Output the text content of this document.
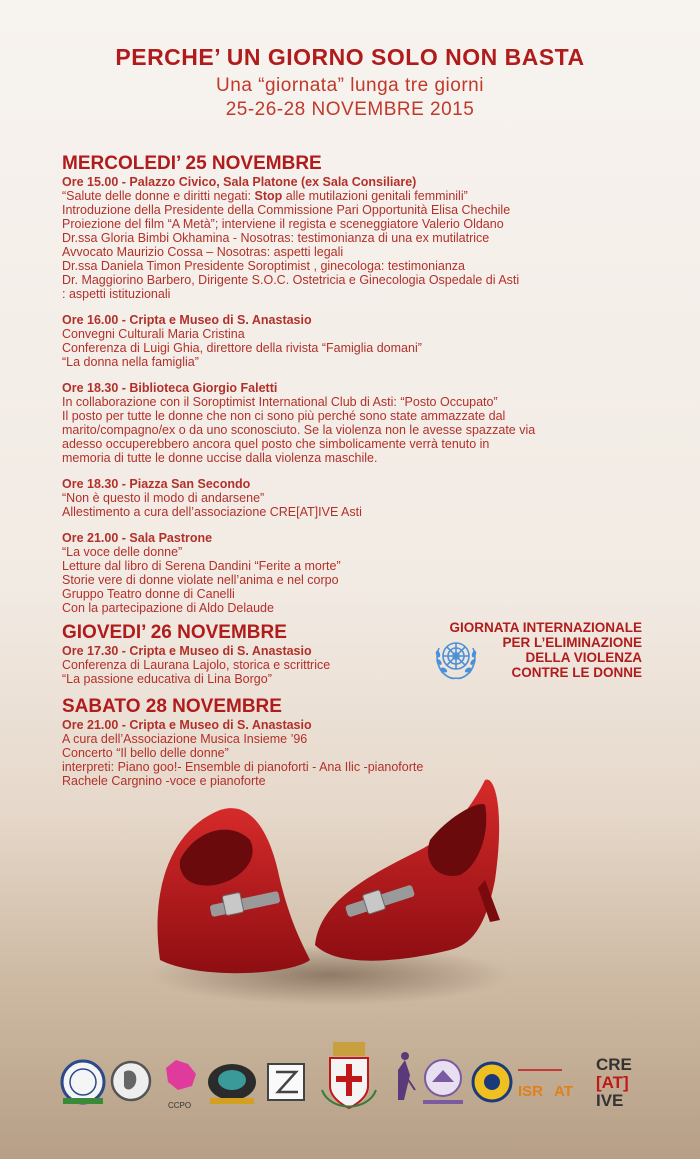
PERCHE’ UN GIORNO SOLO NON BASTA

Una “giornata” lunga tre giorni

25-26-28 NOVEMBRE 2015

MERCOLEDI’ 25 NOVEMBRE
Ore 15.00 - Palazzo Civico, Sala Platone (ex Sala Consiliare)
“Salute delle donne e diritti negati: Stop alle mutilazioni genitali femminili”
Introduzione della Presidente della Commissione Pari Opportunità Elisa Chechile
Proiezione del film “A Metà”; interviene il regista e sceneggiatore Valerio Oldano
Dr.ssa Gloria Bimbi Okhamina - Nosotras: testimonianza di una ex mutilatrice
Avvocato Maurizio Cossa – Nosotras: aspetti legali
Dr.ssa Daniela Timon Presidente Soroptimist , ginecologa: testimonianza
Dr. Maggiorino Barbero, Dirigente S.O.C. Ostetricia e Ginecologia Ospedale di Asti
: aspetti istituzionali
Ore 16.00 - Cripta e Museo di S. Anastasio
Convegni Culturali Maria Cristina
Conferenza di Luigi Ghia, direttore della rivista “Famiglia domani”
“La donna nella famiglia”
Ore 18.30 - Biblioteca Giorgio Faletti
In collaborazione con il Soroptimist International Club di Asti: “Posto Occupato”
Il posto per tutte le donne che non ci sono più perché sono state ammazzate dal
marito/compagno/ex o da uno sconosciuto. Se la violenza non le avesse spazzate via
adesso occuperebbero ancora quel posto che simbolicamente verrà tenuto in
memoria di tutte le donne uccise dalla violenza maschile.
Ore 18.30 - Piazza San Secondo
“Non è questo il modo di andarsene”
Allestimento a cura dell’associazione CRE[AT]IVE Asti
Ore 21.00 - Sala Pastrone
“La voce delle donne”
Letture dal libro di Serena Dandini “Ferite a morte”
Storie vere di donne violate nell’anima e nel corpo
Gruppo Teatro donne di Canelli
Con la partecipazione di Aldo Delaude
GIOVEDI’ 26 NOVEMBRE
Ore 17.30 - Cripta e Museo di S. Anastasio
Conferenza di Laurana Lajolo, storica e scrittrice
“La passione educativa di Lina Borgo”
GIORNATA INTERNAZIONALE
PER L’ELIMINAZIONE
DELLA VIOLENZA
CONTRE LE DONNE
SABATO 28 NOVEMBRE
Ore 21.00 - Cripta e Museo di S. Anastasio
A cura dell’Associazione Musica Insieme ’96
Concerto “Il bello delle donne”
interpreti: Piano goo!- Ensemble di pianoforti - Ana Ilic -pianoforte
Rachele Cargnino -voce e pianoforte
CCPO
ISR AT
CRE
[AT]
IVE
